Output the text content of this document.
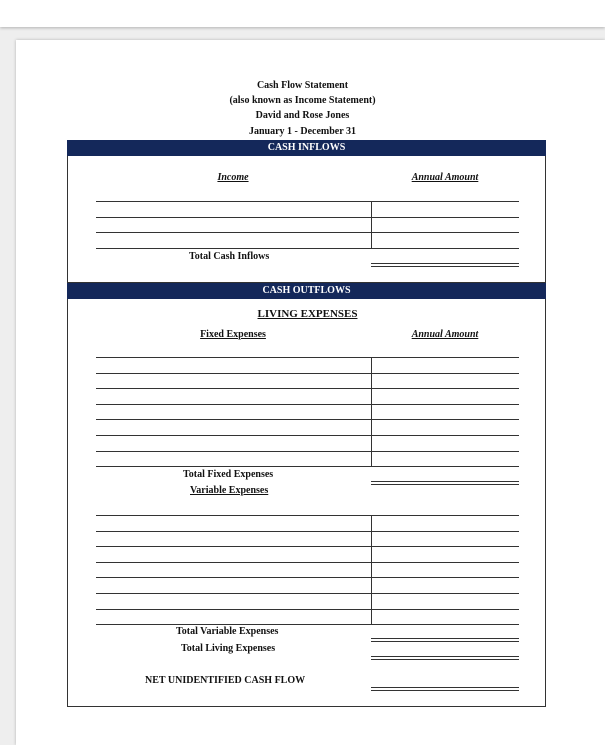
Cash Flow Statement
(also known as Income Statement)
David and Rose Jones
January 1 - December 31
CASH INFLOWS
Income	Annual Amount
Total Cash Inflows
CASH OUTFLOWS
LIVING EXPENSES
Fixed Expenses	Annual Amount
Total Fixed Expenses
Variable Expenses
Total Variable Expenses
Total Living Expenses
NET UNIDENTIFIED CASH FLOW
